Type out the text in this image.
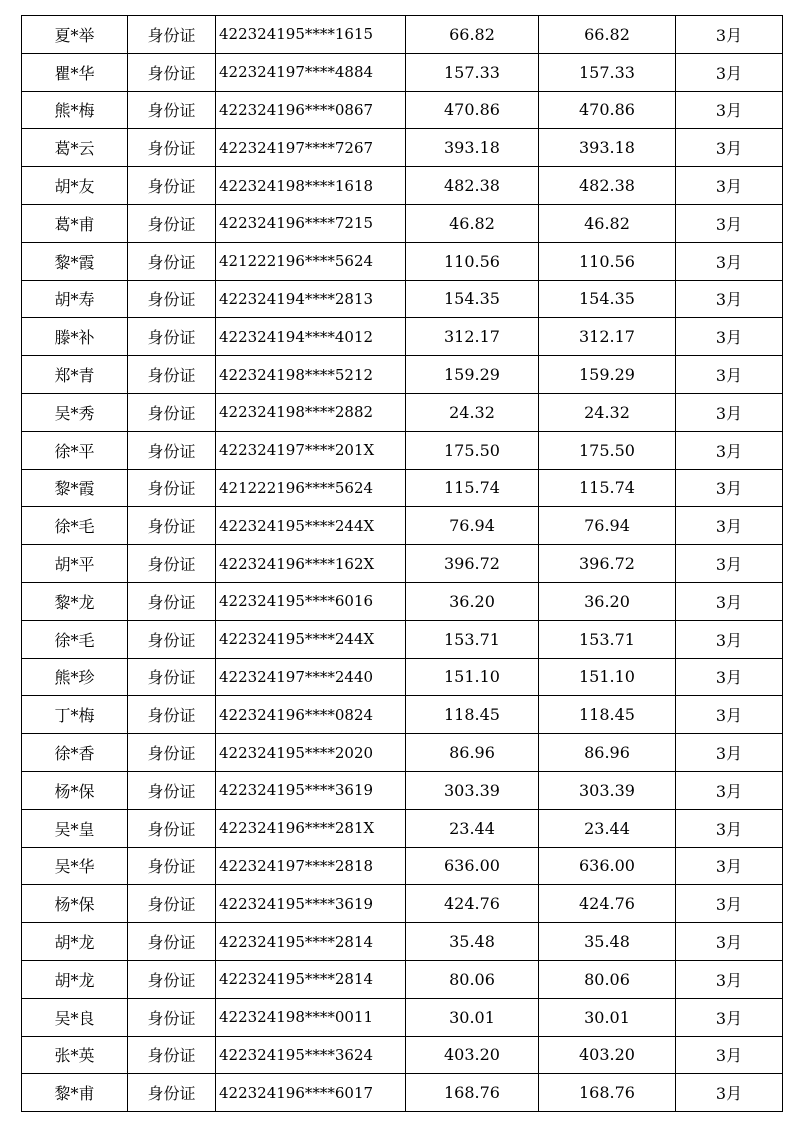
夏*举	身份证	422324195****1615	66.82	66.82	3月
瞿*华	身份证	422324197****4884	157.33	157.33	3月
熊*梅	身份证	422324196****0867	470.86	470.86	3月
葛*云	身份证	422324197****7267	393.18	393.18	3月
胡*友	身份证	422324198****1618	482.38	482.38	3月
葛*甫	身份证	422324196****7215	46.82	46.82	3月
黎*霞	身份证	421222196****5624	110.56	110.56	3月
胡*寿	身份证	422324194****2813	154.35	154.35	3月
滕*补	身份证	422324194****4012	312.17	312.17	3月
郑*青	身份证	422324198****5212	159.29	159.29	3月
吴*秀	身份证	422324198****2882	24.32	24.32	3月
徐*平	身份证	422324197****201X	175.50	175.50	3月
黎*霞	身份证	421222196****5624	115.74	115.74	3月
徐*毛	身份证	422324195****244X	76.94	76.94	3月
胡*平	身份证	422324196****162X	396.72	396.72	3月
黎*龙	身份证	422324195****6016	36.20	36.20	3月
徐*毛	身份证	422324195****244X	153.71	153.71	3月
熊*珍	身份证	422324197****2440	151.10	151.10	3月
丁*梅	身份证	422324196****0824	118.45	118.45	3月
徐*香	身份证	422324195****2020	86.96	86.96	3月
杨*保	身份证	422324195****3619	303.39	303.39	3月
吴*皇	身份证	422324196****281X	23.44	23.44	3月
吴*华	身份证	422324197****2818	636.00	636.00	3月
杨*保	身份证	422324195****3619	424.76	424.76	3月
胡*龙	身份证	422324195****2814	35.48	35.48	3月
胡*龙	身份证	422324195****2814	80.06	80.06	3月
吴*良	身份证	422324198****0011	30.01	30.01	3月
张*英	身份证	422324195****3624	403.20	403.20	3月
黎*甫	身份证	422324196****6017	168.76	168.76	3月
